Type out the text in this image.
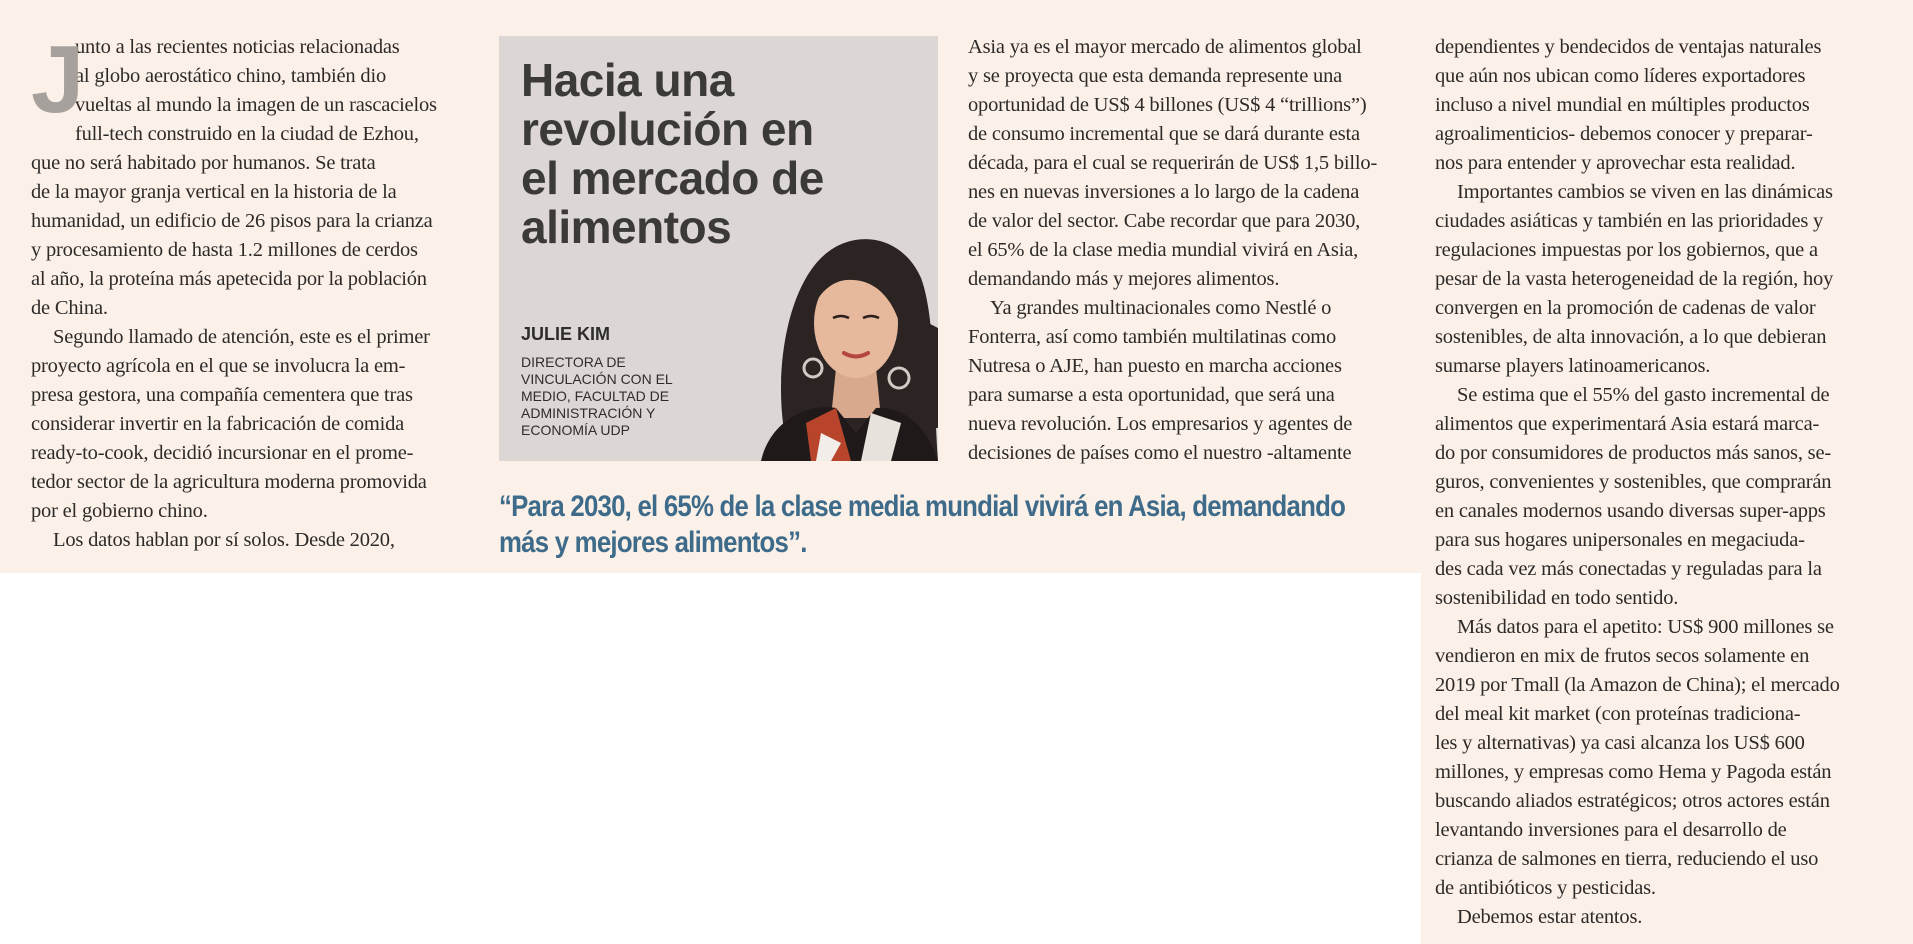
J

unto a las recientes noticias relacionadas

al globo aerostático chino, también dio

vueltas al mundo la imagen de un rascacielos

full-tech construido en la ciudad de Ezhou,

que no será habitado por humanos. Se trata

de la mayor granja vertical en la historia de la

humanidad, un edificio de 26 pisos para la crianza

y procesamiento de hasta 1.2 millones de cerdos

al año, la proteína más apetecida por la población

de China.

Segundo llamado de atención, este es el primer

proyecto agrícola en el que se involucra la em-

presa gestora, una compañía cementera que tras

considerar invertir en la fabricación de comida

ready-to-cook, decidió incursionar en el prome-

tedor sector de la agricultura moderna promovida

por el gobierno chino.

Los datos hablan por sí solos. Desde 2020,

Hacia una
revolución en
el mercado de
alimentos
JULIE KIM
DIRECTORA DE
VINCULACIÓN CON EL
MEDIO, FACULTAD DE
ADMINISTRACIÓN Y
ECONOMÍA UDP
“Para 2030, el 65% de la clase media mundial vivirá en Asia, demandando
más y mejores alimentos”.

Asia ya es el mayor mercado de alimentos global

y se proyecta que esta demanda represente una

oportunidad de US$ 4 billones (US$ 4 “trillions”)

de consumo incremental que se dará durante esta

década, para el cual se requerirán de US$ 1,5 billo-

nes en nuevas inversiones a lo largo de la cadena

de valor del sector. Cabe recordar que para 2030,

el 65% de la clase media mundial vivirá en Asia,

demandando más y mejores alimentos.

Ya grandes multinacionales como Nestlé o

Fonterra, así como también multilatinas como

Nutresa o AJE, han puesto en marcha acciones

para sumarse a esta oportunidad, que será una

nueva revolución. Los empresarios y agentes de

decisiones de países como el nuestro -altamente

dependientes y bendecidos de ventajas naturales

que aún nos ubican como líderes exportadores

incluso a nivel mundial en múltiples productos

agroalimenticios- debemos conocer y preparar-

nos para entender y aprovechar esta realidad.

Importantes cambios se viven en las dinámicas

ciudades asiáticas y también en las prioridades y

regulaciones impuestas por los gobiernos, que a

pesar de la vasta heterogeneidad de la región, hoy

convergen en la promoción de cadenas de valor

sostenibles, de alta innovación, a lo que debieran

sumarse players latinoamericanos.

Se estima que el 55% del gasto incremental de

alimentos que experimentará Asia estará marca-

do por consumidores de productos más sanos, se-

guros, convenientes y sostenibles, que comprarán

en canales modernos usando diversas super-apps

para sus hogares unipersonales en megaciuda-

des cada vez más conectadas y reguladas para la

sostenibilidad en todo sentido.

Más datos para el apetito: US$ 900 millones se

vendieron en mix de frutos secos solamente en

2019 por Tmall (la Amazon de China); el mercado

del meal kit market (con proteínas tradiciona-

les y alternativas) ya casi alcanza los US$ 600

millones, y empresas como Hema y Pagoda están

buscando aliados estratégicos; otros actores están

levantando inversiones para el desarrollo de

crianza de salmones en tierra, reduciendo el uso

de antibióticos y pesticidas.

Debemos estar atentos.
